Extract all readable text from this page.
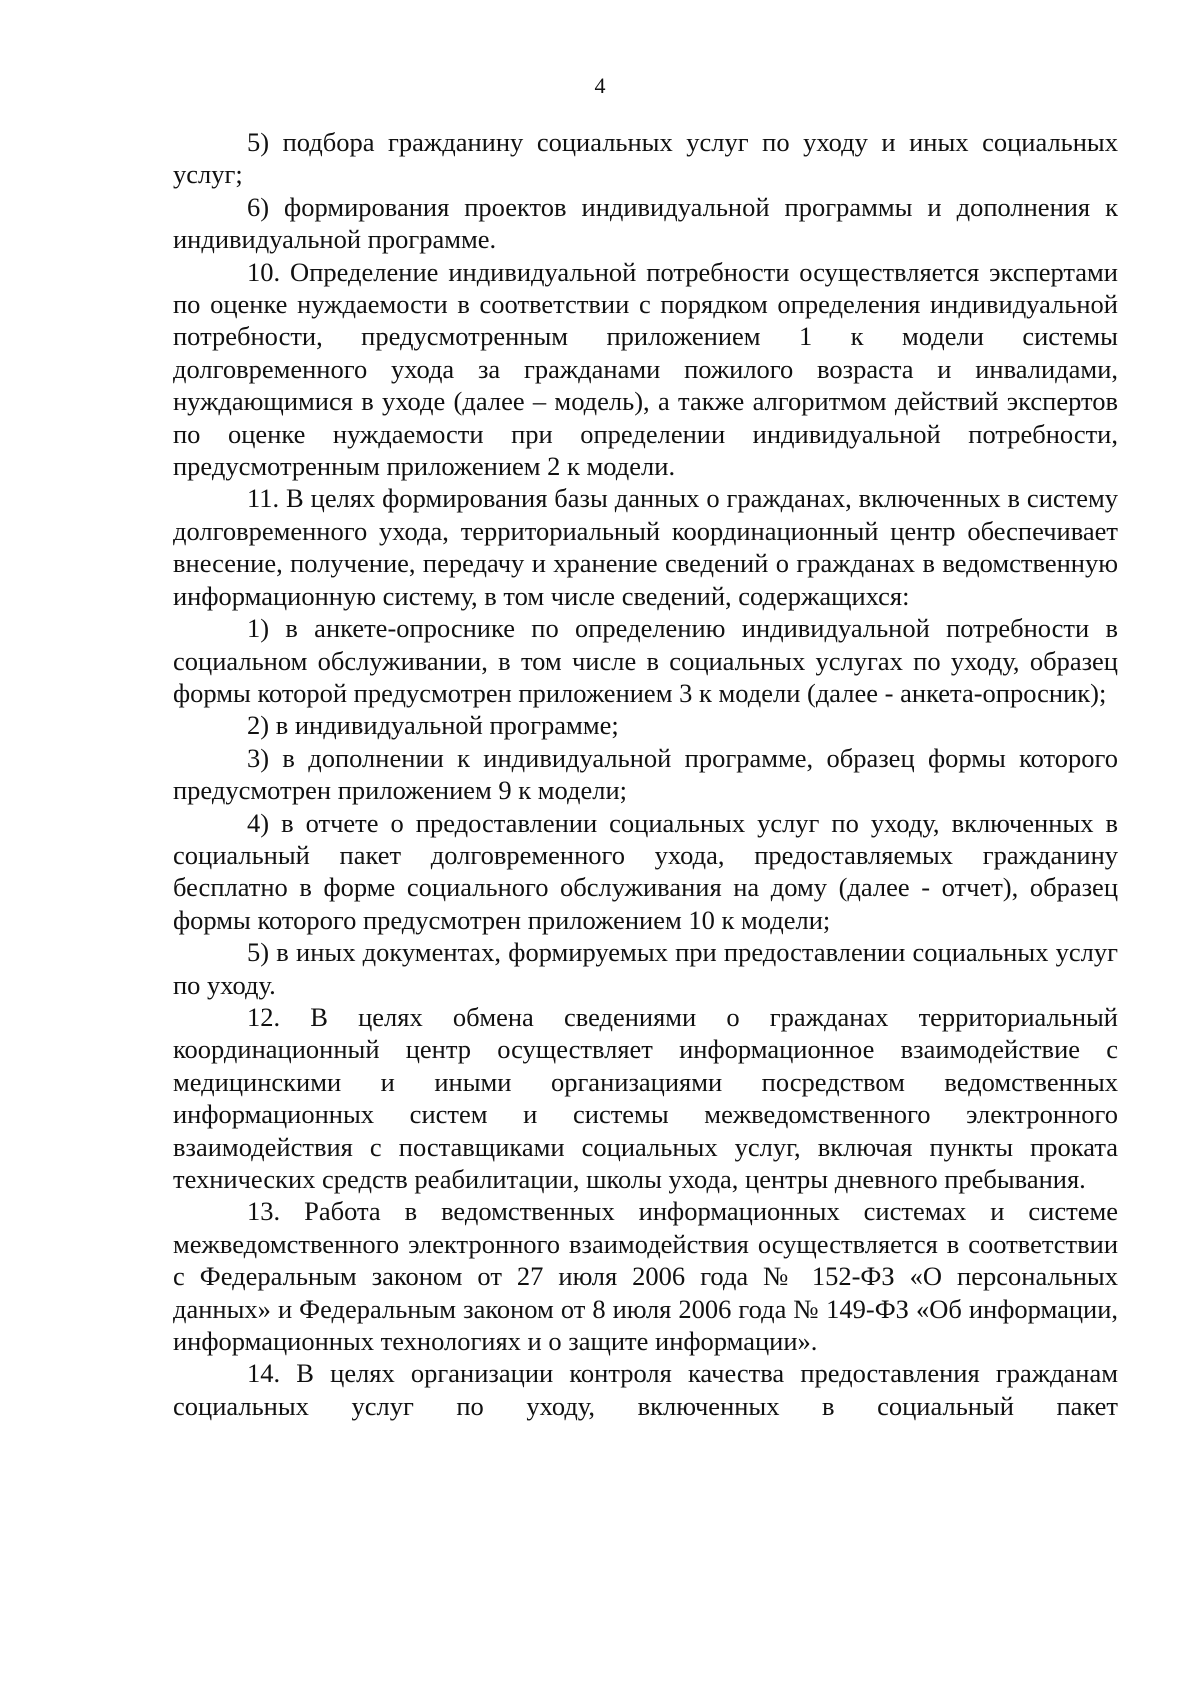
4

5) подбора гражданину социальных услуг по уходу и иных социальных услуг;

6) формирования проектов индивидуальной программы и дополнения к индивидуальной программе.

10. Определение индивидуальной потребности осуществляется экспертами по оценке нуждаемости в соответствии с порядком определения индивидуальной потребности, предусмотренным приложением 1 к модели системы долговременного ухода за гражданами пожилого возраста и инвалидами, нуждающимися в уходе (далее – модель), а также алгоритмом действий экспертов по оценке нуждаемости при определении индивидуальной потребности, предусмотренным приложением 2 к модели.

11. В целях формирования базы данных о гражданах, включенных в систему долговременного ухода, территориальный координационный центр обеспечивает внесение, получение, передачу и хранение сведений о гражданах в ведомственную информационную систему, в том числе сведений, содержащихся:

1) в анкете-опроснике по определению индивидуальной потребности в социальном обслуживании, в том числе в социальных услугах по уходу, образец формы которой предусмотрен приложением 3 к модели (далее - анкета-опросник);

2) в индивидуальной программе;

3) в дополнении к индивидуальной программе, образец формы которого предусмотрен приложением 9 к модели;

4) в отчете о предоставлении социальных услуг по уходу, включенных в социальный пакет долговременного ухода, предоставляемых гражданину бесплатно в форме социального обслуживания на дому (далее - отчет), образец формы которого предусмотрен приложением 10 к модели;

5) в иных документах, формируемых при предоставлении социальных услуг по уходу.

12. В целях обмена сведениями о гражданах территориальный координационный центр осуществляет информационное взаимодействие с медицинскими и иными организациями посредством ведомственных информационных систем и системы межведомственного электронного взаимодействия с поставщиками социальных услуг, включая пункты проката технических средств реабилитации, школы ухода, центры дневного пребывания.

13. Работа в ведомственных информационных системах и системе межведомственного электронного взаимодействия осуществляется в соответствии с Федеральным законом от 27 июля 2006 года № 152-ФЗ «О персональных данных» и Федеральным законом от 8 июля 2006 года № 149-ФЗ «Об информации, информационных технологиях и о защите информации».

14. В целях организации контроля качества предоставления гражданам социальных услуг по уходу, включенных в социальный пакет
